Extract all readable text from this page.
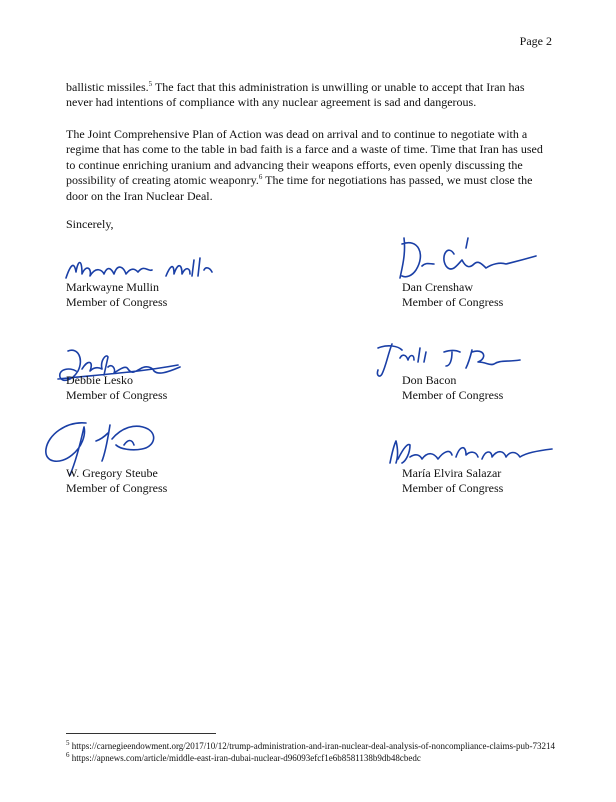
Page 2

ballistic missiles.$^5$ The fact that this administration is unwilling or unable to accept that Iran has never had intentions of compliance with any nuclear agreement is sad and dangerous.

The Joint Comprehensive Plan of Action was dead on arrival and to continue to negotiate with a regime that has come to the table in bad faith is a farce and a waste of time. Time that Iran has used to continue enriching uranium and advancing their weapons efforts, even openly discussing the possibility of creating atomic weaponry.$^6$ The time for negotiations has passed, we must close the door on the Iran Nuclear Deal.

Sincerely,
Markwayne Mullin
Member of Congress
Dan Crenshaw
Member of Congress
Debbie Lesko
Member of Congress
Don Bacon
Member of Congress
W. Gregory Steube
Member of Congress
María Elvira Salazar
Member of Congress
$^5$ https://carnegieendowment.org/2017/10/12/trump-administration-and-iran-nuclear-deal-analysis-of-noncompliance-claims-pub-73214
$^6$ https://apnews.com/article/middle-east-iran-dubai-nuclear-d96093efcf1e6b8581138b9db48cbedc
